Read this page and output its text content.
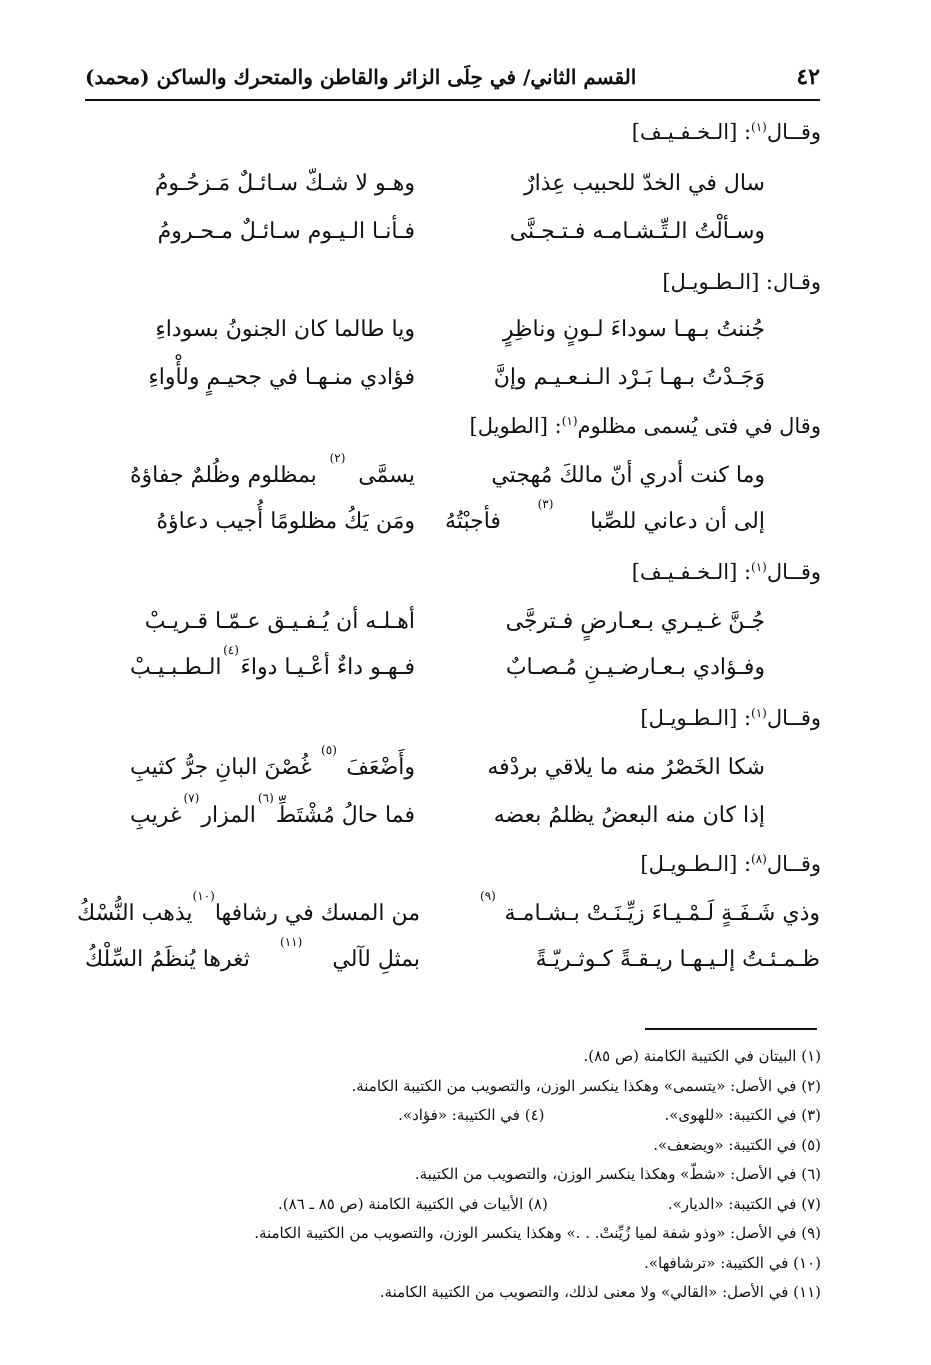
٤٢
القسم الثاني/ في حِلَى الزائر والقاطن والمتحرك والساكن (محمد)
وقــال$^{(١)}$: [الـخـفـيـف]
سال في الخدّ للحبيب عِذارٌ
وهـو لا شـكّ سـائـلٌ مَـزحُـومُ
وسـألْتُ الـتِّـشـامـه فـتـجـنَّى
فـأنـا الـيـوم سـائـلٌ مـحـرومُ
وقـال: [الـطـويـل]
جُننتُ بـهـا سوداءَ لـونٍ وناظِرٍ
ويا طالما كان الجنونُ بسوداءِ
وَجَـدْتُ بـهـا بَـرْد الـنـعـيـم وإنَّ
فؤادي منـهـا في جحيـمٍ ولأْواءِ
وقال في فتى يُسمى مظلوم$^{(١)}$: [الطويل]
وما كنت أدري أنّ مالكَ مُهجتي
يسمَّى
(٢)
بمظلوم وظُلمٌ جفاؤهُ
إلى أن دعاني للصِّبا
(٣)
فأجبْتُهُ
ومَن يَكُ مظلومًا أُجيب دعاؤهُ
وقــال$^{(١)}$: [الـخـفـيـف]
جُـنَّ غـيـري بـعـارضٍ فـترجَّى
أهـلـه أن يُـفـيـق عـمّـا قـريـبْ
وفـؤادي بـعـارضـيـنِ مُـصـابٌ
فـهـو داءٌ أعْـيـا دواءَ
(٤)
الـطـبـيـبْ
وقــال$^{(١)}$: [الـطـويـل]
شكا الخَصْرُ منه ما يلاقي بردْفه
وأَضْعَفَ
(٥)
غُصْنَ البانِ جرُّ كثيبِ
إذا كان منه البعضُ يظلمُ بعضه
فما حالُ مُشْتَطِّ
(٦)
المزار
(٧)
غريبِ
وقــال$^{(٨)}$: [الـطـويـل]
وذي شَـفَـةٍ لَـمْـيـاءَ زيِّـنَـتْ بـشـامـة
(٩)
من المسك في رشافها
(١٠)
يذهب النُّسْكُ
ظـمـئـتُ إلـيـهـا ريـقـةً كـوثـريّـةً
بمثلِ لآلي
(١١)
ثغرها يُنظَمُ السِّلْكُ
(١) البيتان في الكتيبة الكامنة (ص ٨٥).
(٢) في الأصل: «يتسمى» وهكذا ينكسر الوزن، والتصويب من الكتيبة الكامنة.
(٣) في الكتيبة: «للهوى».(٤) في الكتيبة: «فؤاد».
(٥) في الكتيبة: «ويضعف».
(٦) في الأصل: «شطّ» وهكذا ينكسر الوزن، والتصويب من الكتيبة.
(٧) في الكتيبة: «الديار».(٨) الأبيات في الكتيبة الكامنة (ص ٨٥ ـ ٨٦).
(٩) في الأصل: «وذو شفة لميا زُيِّنتْ. . .» وهكذا ينكسر الوزن، والتصويب من الكتيبة الكامنة.
(١٠) في الكتيبة: «ترشافها».
(١١) في الأصل: «القالي» ولا معنى لذلك، والتصويب من الكتيبة الكامنة.
